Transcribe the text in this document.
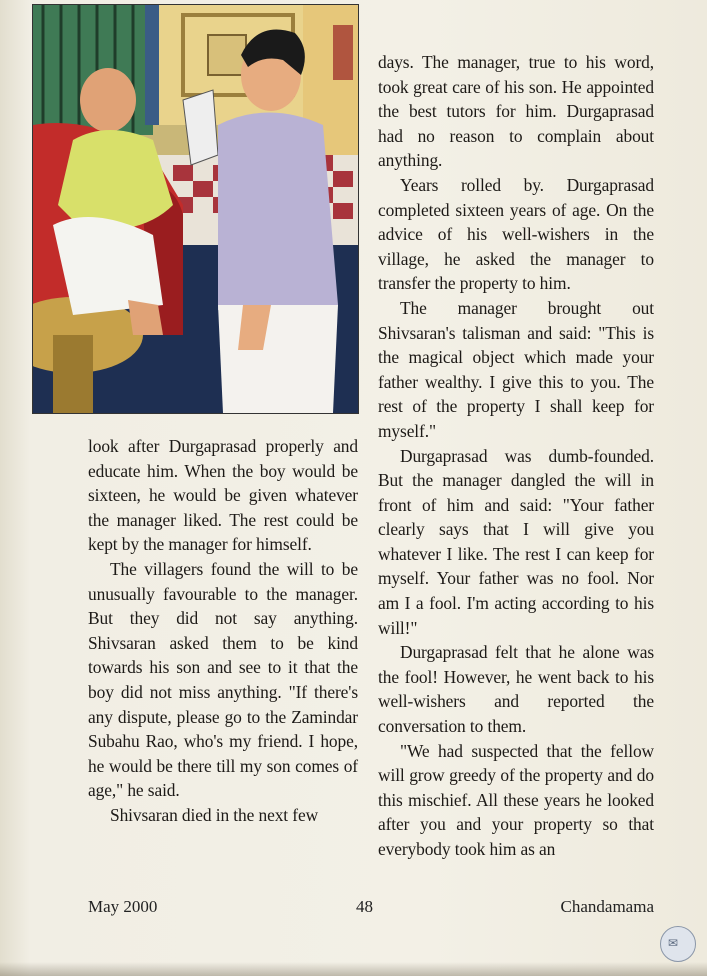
look after Durgaprasad properly and educate him. When the boy would be sixteen, he would be given whatever the manager liked. The rest could be kept by the manager for himself.

The villagers found the will to be unusually favourable to the manager. But they did not say anything. Shivsaran asked them to be kind towards his son and see to it that the boy did not miss anything. "If there's any dispute, please go to the Zamindar Subahu Rao, who's my friend. I hope, he would be there till my son comes of age," he said.

Shivsaran died in the next few

days. The manager, true to his word, took great care of his son. He appointed the best tutors for him. Durgaprasad had no reason to complain about anything.

Years rolled by. Durgaprasad completed sixteen years of age. On the advice of his well-wishers in the village, he asked the manager to transfer the property to him.

The manager brought out Shivsaran's talisman and said: "This is the magical object which made your father wealthy. I give this to you. The rest of the property I shall keep for myself."

Durgaprasad was dumb-founded. But the manager dangled the will in front of him and said: "Your father clearly says that I will give you whatever I like. The rest I can keep for myself. Your father was no fool. Nor am I a fool. I'm acting according to his will!"

Durgaprasad felt that he alone was the fool! However, he went back to his well-wishers and reported the conversation to them.

"We had suspected that the fellow will grow greedy of the property and do this mischief. All these years he looked after you and your property so that everybody took him as an

May 2000	48	Chandamama
✉
